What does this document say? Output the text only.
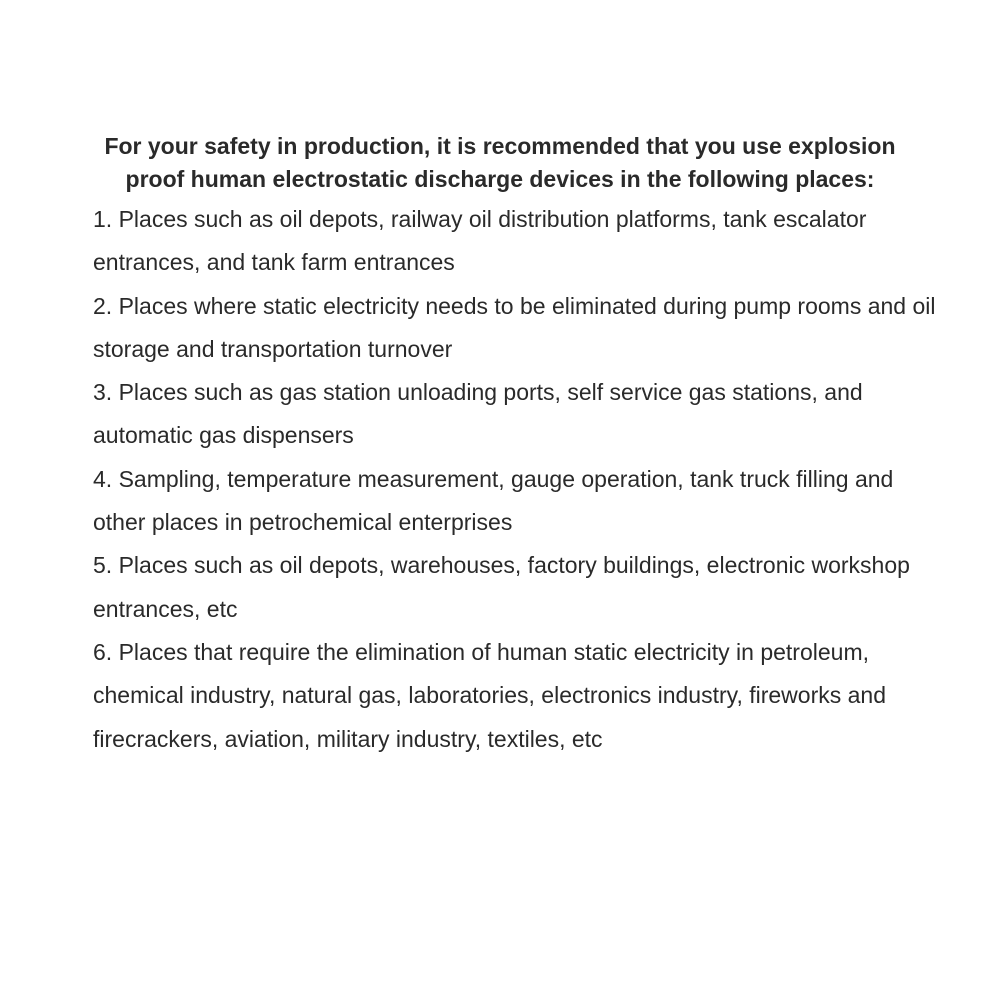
For your safety in production, it is recommended that you use explosion
proof human electrostatic discharge devices in the following places:
1. Places such as oil depots, railway oil distribution platforms, tank escalator entrances, and tank farm entrances
2. Places where static electricity needs to be eliminated during pump rooms and oil storage and transportation turnover
3. Places such as gas station unloading ports, self service gas stations, and automatic gas dispensers
4. Sampling, temperature measurement, gauge operation, tank truck filling and other places in petrochemical enterprises
5. Places such as oil depots, warehouses, factory buildings, electronic workshop entrances, etc
6. Places that require the elimination of human static electricity in petroleum, chemical industry, natural gas, laboratories, electronics industry, fireworks and firecrackers, aviation, military industry, textiles, etc
